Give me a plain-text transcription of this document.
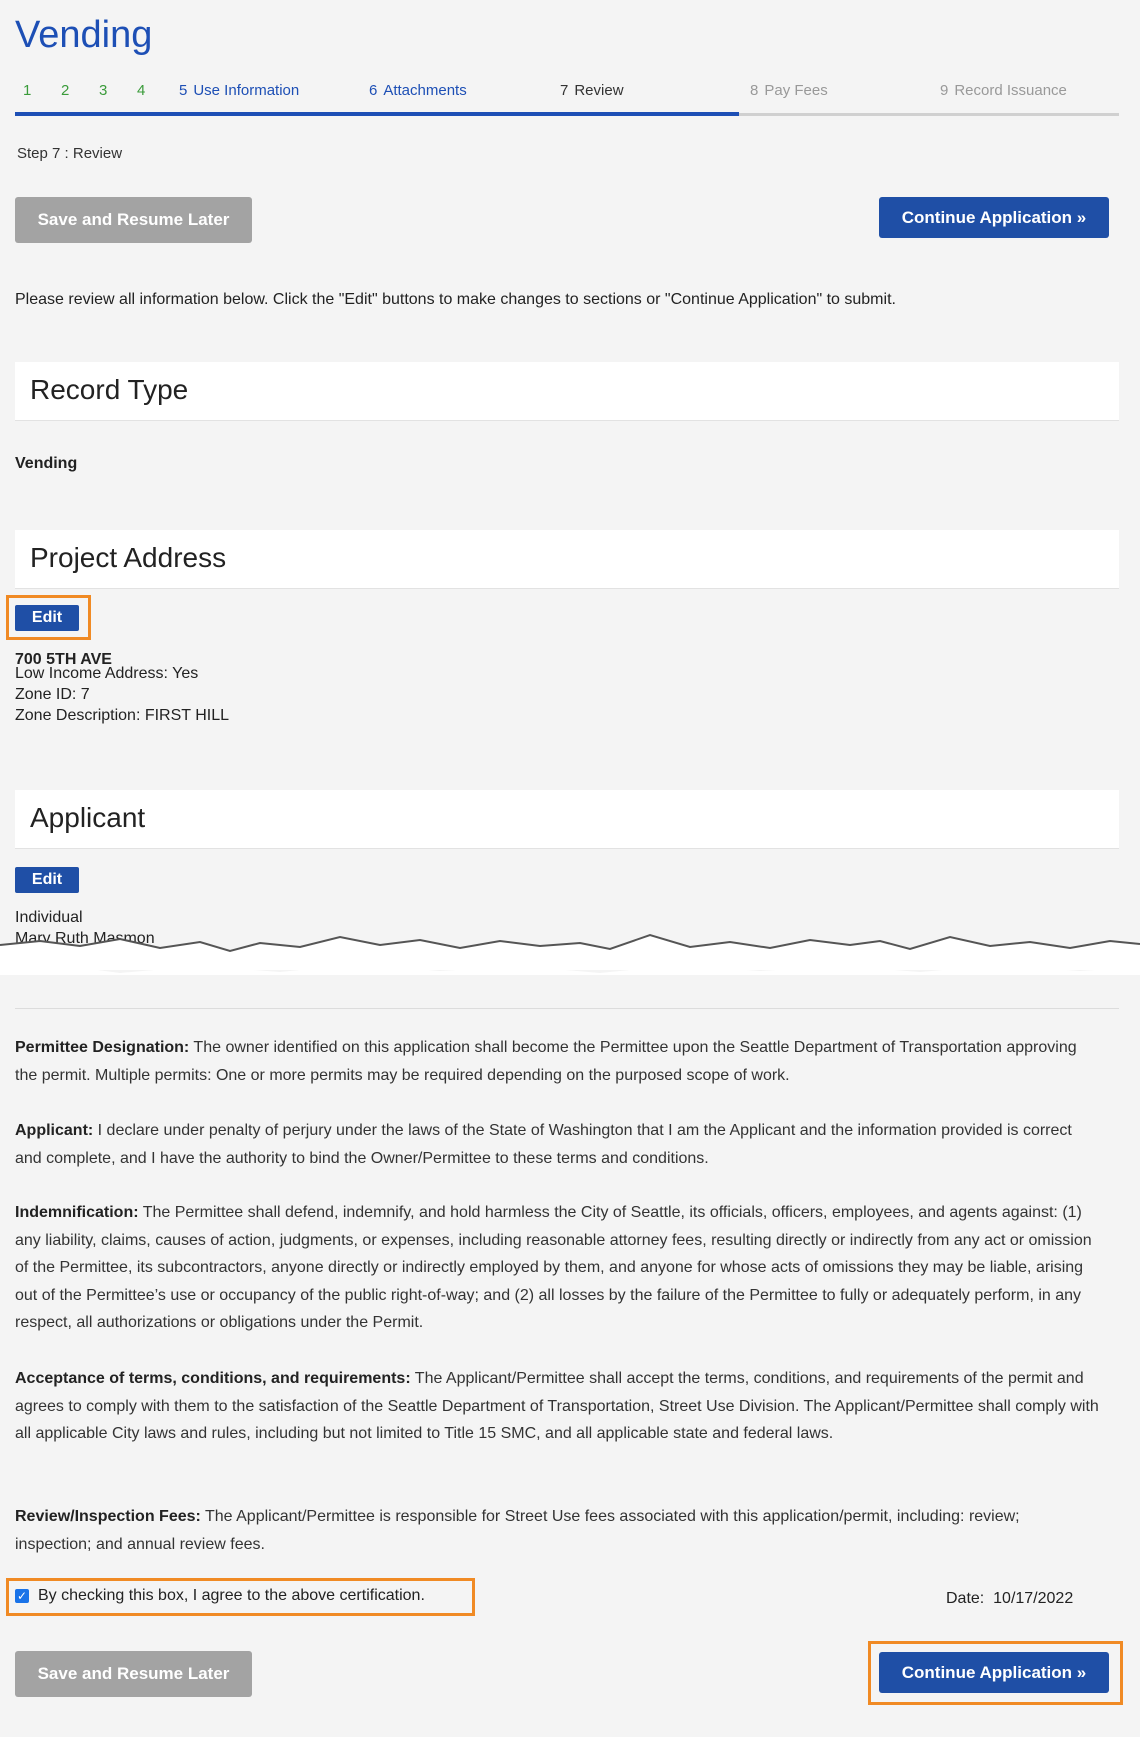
Vending
1 2 3 4 5 Use Information	6 Attachments	7 Review	8 Pay Fees	9 Record Issuance
Step 7 : Review
Save and Resume Later	Continue Application »
Please review all information below. Click the "Edit" buttons to make changes to sections or "Continue Application" to submit.
Record Type
Vending
Project Address
Edit
700 5TH AVE
Low Income Address: Yes
Zone ID: 7
Zone Description: FIRST HILL
Applicant
Edit
Individual
Mary Ruth Masmon
Permittee Designation: The owner identified on this application shall become the Permittee upon the Seattle Department of Transportation approving the permit. Multiple permits: One or more permits may be required depending on the purposed scope of work.
Applicant: I declare under penalty of perjury under the laws of the State of Washington that I am the Applicant and the information provided is correct and complete, and I have the authority to bind the Owner/Permittee to these terms and conditions.
Indemnification: The Permittee shall defend, indemnify, and hold harmless the City of Seattle, its officials, officers, employees, and agents against: (1) any liability, claims, causes of action, judgments, or expenses, including reasonable attorney fees, resulting directly or indirectly from any act or omission of the Permittee, its subcontractors, anyone directly or indirectly employed by them, and anyone for whose acts of omissions they may be liable, arising out of the Permittee’s use or occupancy of the public right-of-way; and (2) all losses by the failure of the Permittee to fully or adequately perform, in any respect, all authorizations or obligations under the Permit.
Acceptance of terms, conditions, and requirements: The Applicant/Permittee shall accept the terms, conditions, and requirements of the permit and agrees to comply with them to the satisfaction of the Seattle Department of Transportation, Street Use Division. The Applicant/Permittee shall comply with all applicable City laws and rules, including but not limited to Title 15 SMC, and all applicable state and federal laws.
Review/Inspection Fees: The Applicant/Permittee is responsible for Street Use fees associated with this application/permit, including: review; inspection; and annual review fees.
✓ By checking this box, I agree to the above certification.	Date: 10/17/2022
Save and Resume Later	Continue Application »
